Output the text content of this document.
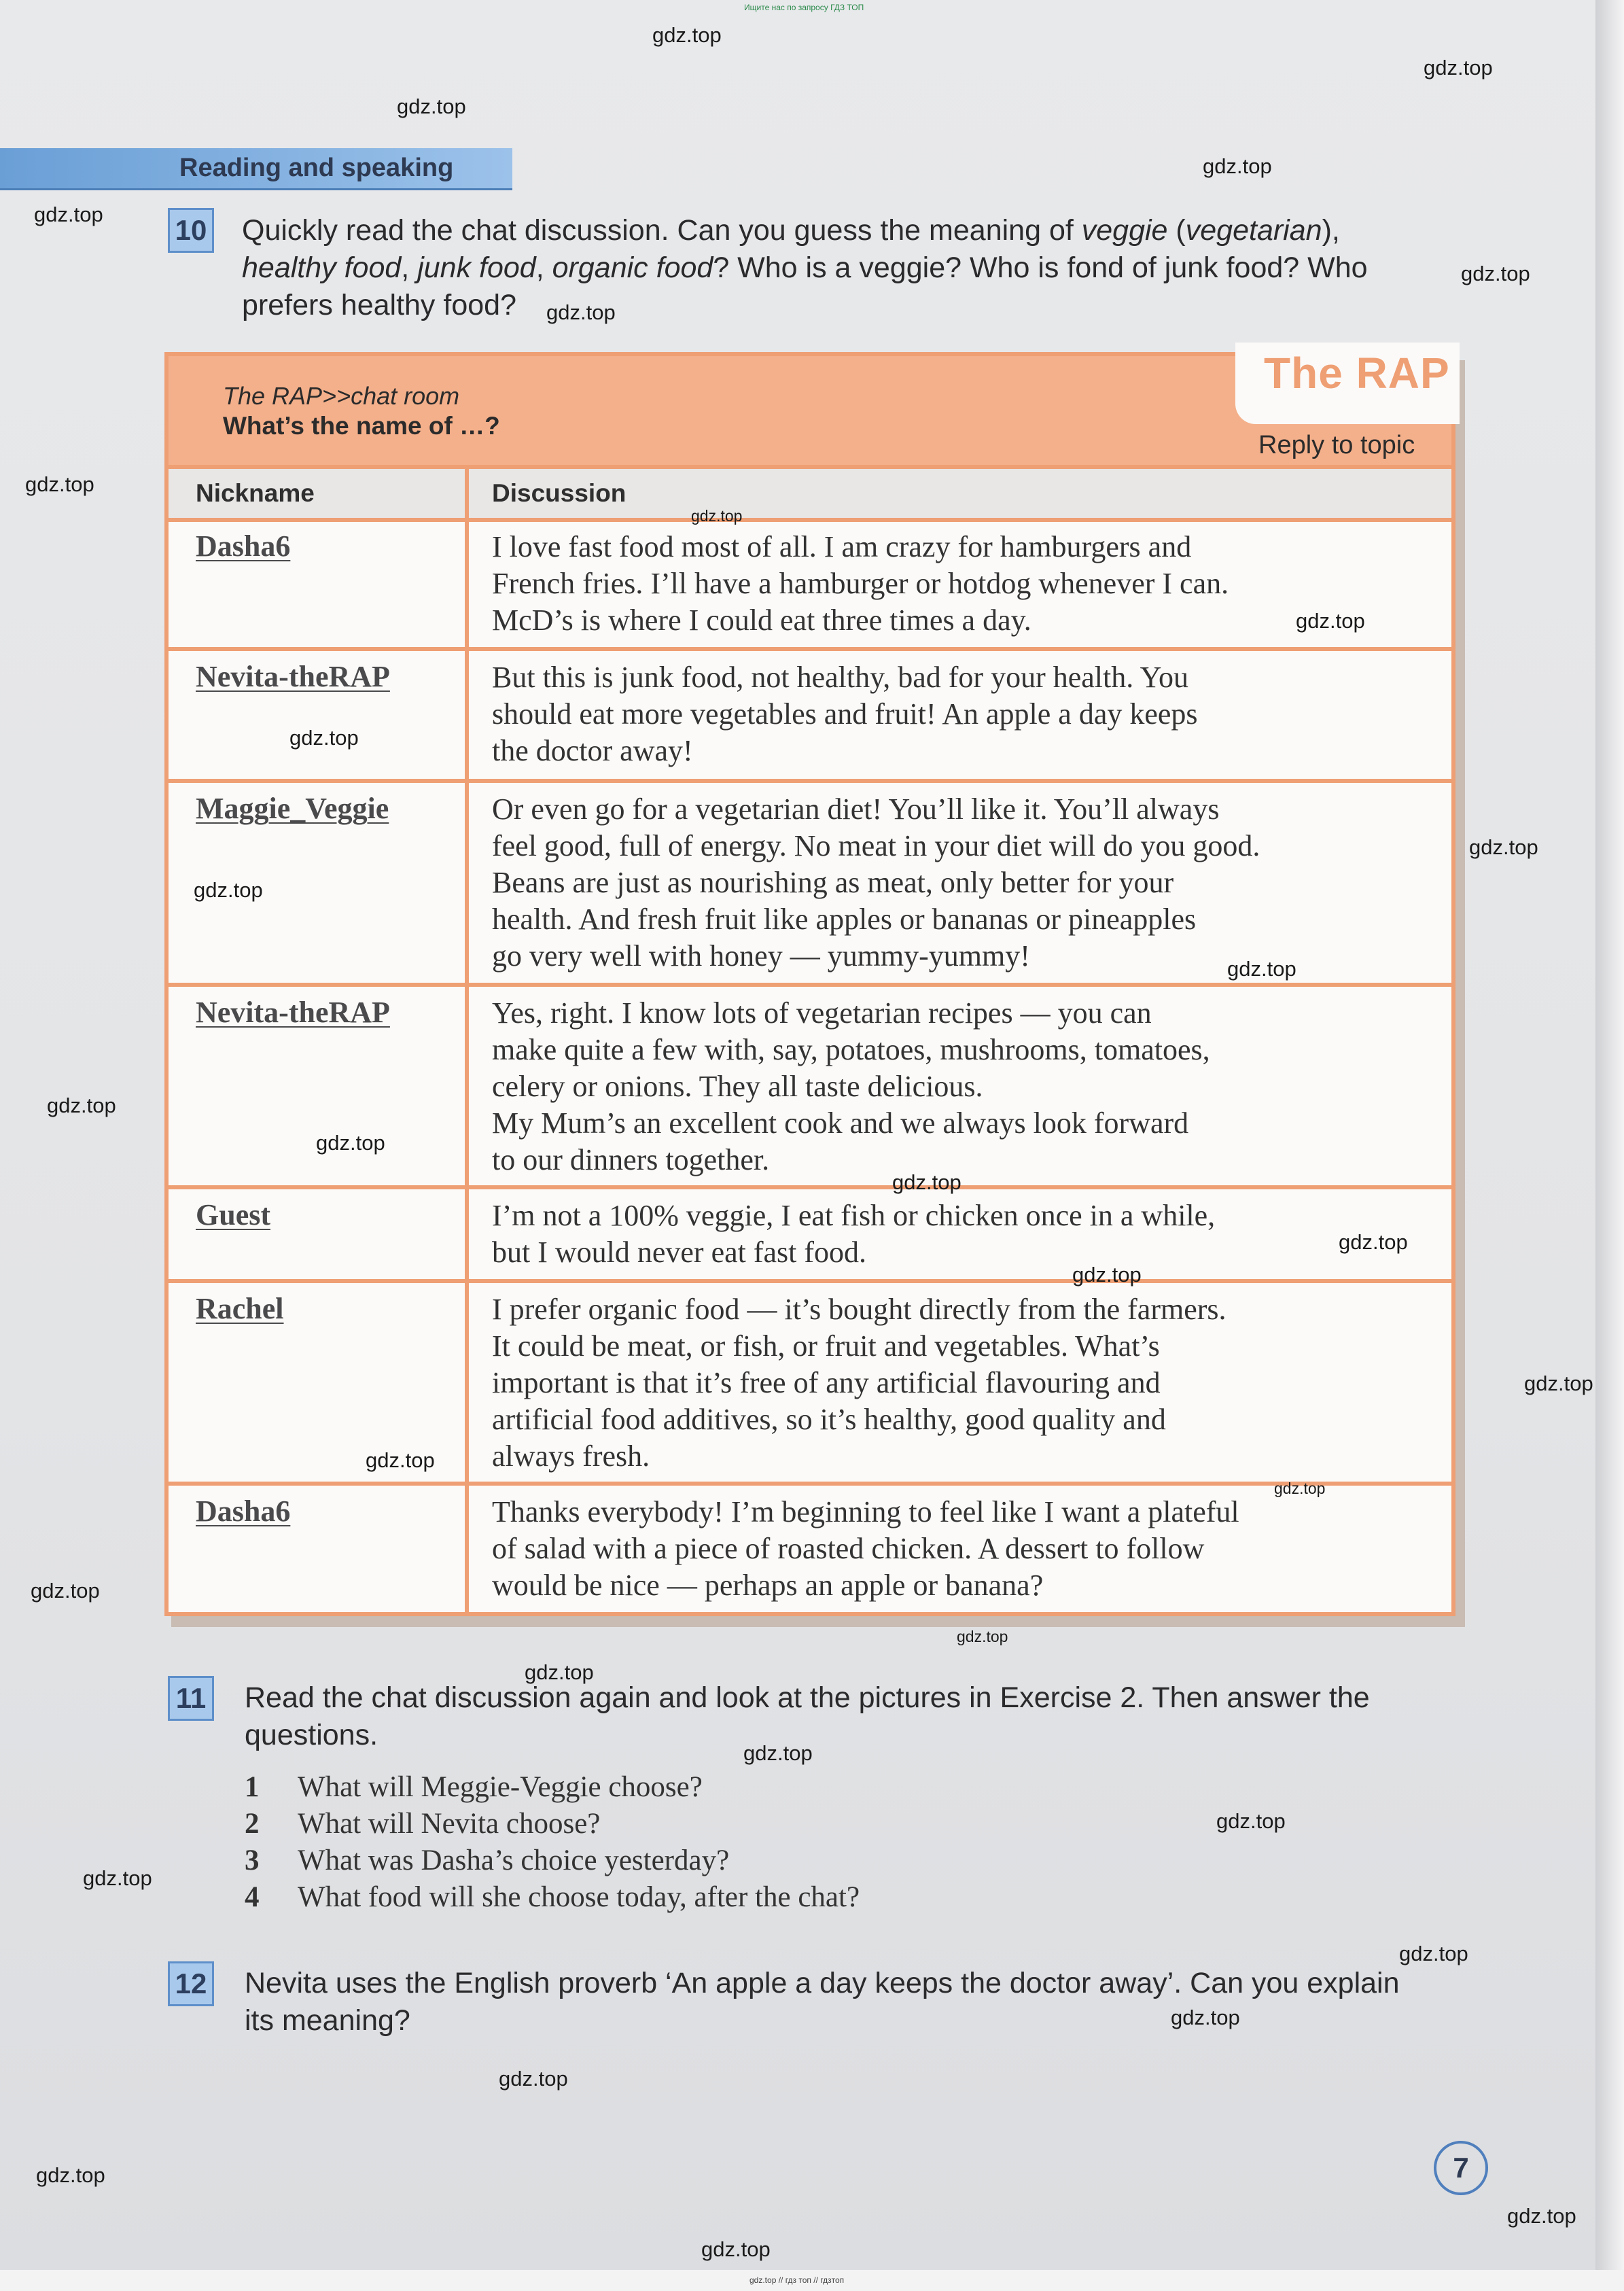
Ищите нас по запросу ГДЗ ТОП
Reading and speaking
10 Quickly read the chat discussion. Can you guess the meaning of veggie (vegetarian),
healthy food, junk food, organic food? Who is a veggie? Who is fond of junk food? Who
prefers healthy food?
The RAP
The RAP>>chat room
What’s the name of …?
Reply to topic
Nickname	Discussion
Dasha6	I love fast food most of all. I am crazy for hamburgers and
French fries. I’ll have a hamburger or hotdog whenever I can.
McD’s is where I could eat three times a day.
Nevita-theRAP	But this is junk food, not healthy, bad for your health. You
should eat more vegetables and fruit! An apple a day keeps
the doctor away!
Maggie_Veggie	Or even go for a vegetarian diet! You’ll like it. You’ll always
feel good, full of energy. No meat in your diet will do you good.
Beans are just as nourishing as meat, only better for your
health. And fresh fruit like apples or bananas or pineapples
go very well with honey — yummy-yummy!
Nevita-theRAP	Yes, right. I know lots of vegetarian recipes — you can
make quite a few with, say, potatoes, mushrooms, tomatoes,
celery or onions. They all taste delicious.
My Mum’s an excellent cook and we always look forward
to our dinners together.
Guest	I’m not a 100% veggie, I eat fish or chicken once in a while,
but I would never eat fast food.
Rachel	I prefer organic food — it’s bought directly from the farmers.
It could be meat, or fish, or fruit and vegetables. What’s
important is that it’s free of any artificial flavouring and
artificial food additives, so it’s healthy, good quality and
always fresh.
Dasha6	Thanks everybody! I’m beginning to feel like I want a plateful
of salad with a piece of roasted chicken. A dessert to follow
would be nice — perhaps an apple or banana?
11 Read the chat discussion again and look at the pictures in Exercise 2. Then answer the
questions.
1 What will Meggie-Veggie choose?
2 What will Nevita choose?
3 What was Dasha’s choice yesterday?
4 What food will she choose today, after the chat?
12 Nevita uses the English proverb ‘An apple a day keeps the doctor away’. Can you explain
its meaning?
7
gdz.top
gdz.top
gdz.top
gdz.top
gdz.top
gdz.top
gdz.top
gdz.top
gdz.top
gdz.top
gdz.top
gdz.top
gdz.top
gdz.top
gdz.top
gdz.top
gdz.top
gdz.top
gdz.top
gdz.top
gdz.top
gdz.top
gdz.top
gdz.top
gdz.top
gdz.top
gdz.top
gdz.top
gdz.top
gdz.top
gdz.top
gdz.top
gdz.top
gdz.top
gdz.top // гдз топ // гдзтоп
